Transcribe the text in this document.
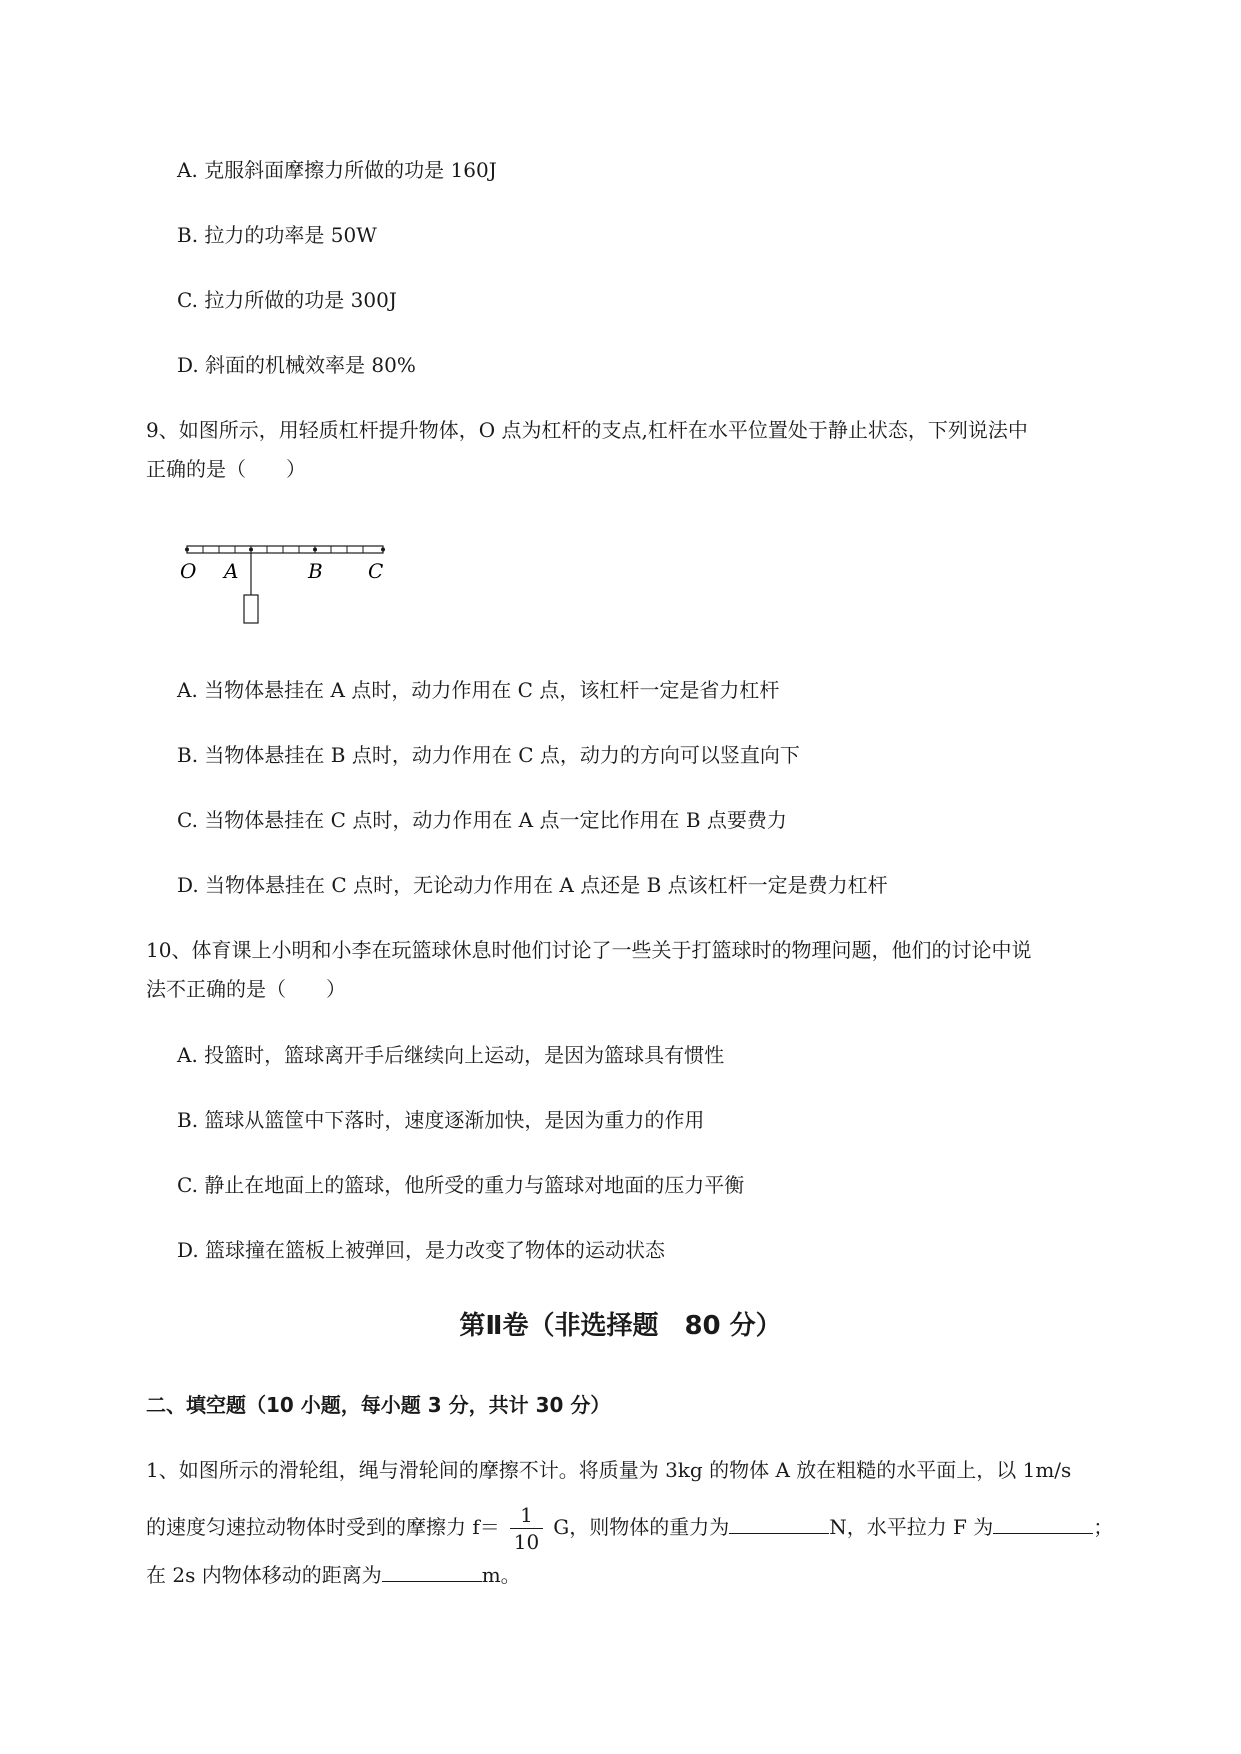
A. 克服斜面摩擦力所做的功是 160J
B. 拉力的功率是 50W
C. 拉力所做的功是 300J
D. 斜面的机械效率是 80%
9、如图所示，用轻质杠杆提升物体，O 点为杠杆的支点,杠杆在水平位置处于静止状态，下列说法中
正确的是（　　）
O A	B C
A. 当物体悬挂在 A 点时，动力作用在 C 点，该杠杆一定是省力杠杆
B. 当物体悬挂在 B 点时，动力作用在 C 点，动力的方向可以竖直向下
C. 当物体悬挂在 C 点时，动力作用在 A 点一定比作用在 B 点要费力
D. 当物体悬挂在 C 点时，无论动力作用在 A 点还是 B 点该杠杆一定是费力杠杆
10、体育课上小明和小李在玩篮球休息时他们讨论了一些关于打篮球时的物理问题，他们的讨论中说
法不正确的是（　　）
A. 投篮时，篮球离开手后继续向上运动，是因为篮球具有惯性
B. 篮球从篮筐中下落时，速度逐渐加快，是因为重力的作用
C. 静止在地面上的篮球，他所受的重力与篮球对地面的压力平衡
D. 篮球撞在篮板上被弹回，是力改变了物体的运动状态
第Ⅱ卷（非选择题　80 分）
二、填空题（10 小题，每小题 3 分，共计 30 分）
1、如图所示的滑轮组，绳与滑轮间的摩擦不计。将质量为 3kg 的物体 A 放在粗糙的水平面上，以 1m/s
的速度匀速拉动物体时受到的摩擦力 $f= \frac{1}{10}$ G，则物体的重力为	N，水平拉力 F 为	；
在 2s 内物体移动的距离为	m。
